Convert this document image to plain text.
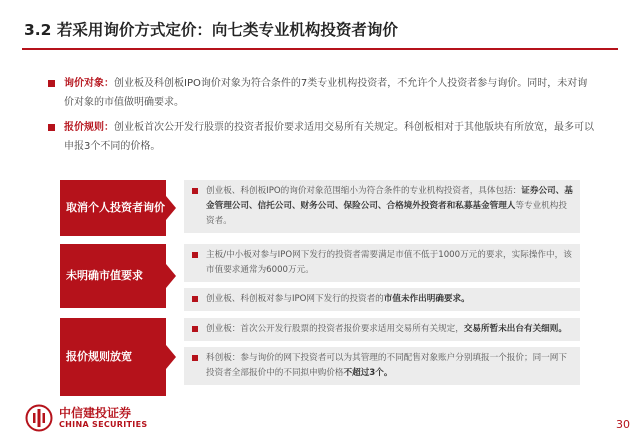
3.2 若采用询价方式定价：向七类专业机构投资者询价
询价对象：创业板及科创板IPO询价对象为符合条件的7类专业机构投资者，不允许个人投资者参与询价。同时，未对询价对象的市值做明确要求。
报价规则：创业板首次公开发行股票的投资者报价要求适用交易所有关规定。科创板相对于其他版块有所放宽，最多可以申报3个不同的价格。
取消个人投资者询价
创业板、科创板IPO的询价对象范围缩小为符合条件的专业机构投资者，具体包括：证券公司、基金管理公司、信托公司、财务公司、保险公司、合格境外投资者和私募基金管理人等专业机构投资者。
未明确市值要求
主板/中小板对参与IPO网下发行的投资者需要满足市值不低于1000万元的要求，实际操作中，该市值要求通常为6000万元。
创业板、科创板对参与IPO网下发行的投资者的市值未作出明确要求。
报价规则放宽
创业板：首次公开发行股票的投资者报价要求适用交易所有关规定，交易所暂未出台有关细则。
科创板：参与询价的网下投资者可以为其管理的不同配售对象账户分别填报一个报价；同一网下投资者全部报价中的不同拟申购价格不超过3个。
中信建投证券
CHINA SECURITIES	30
